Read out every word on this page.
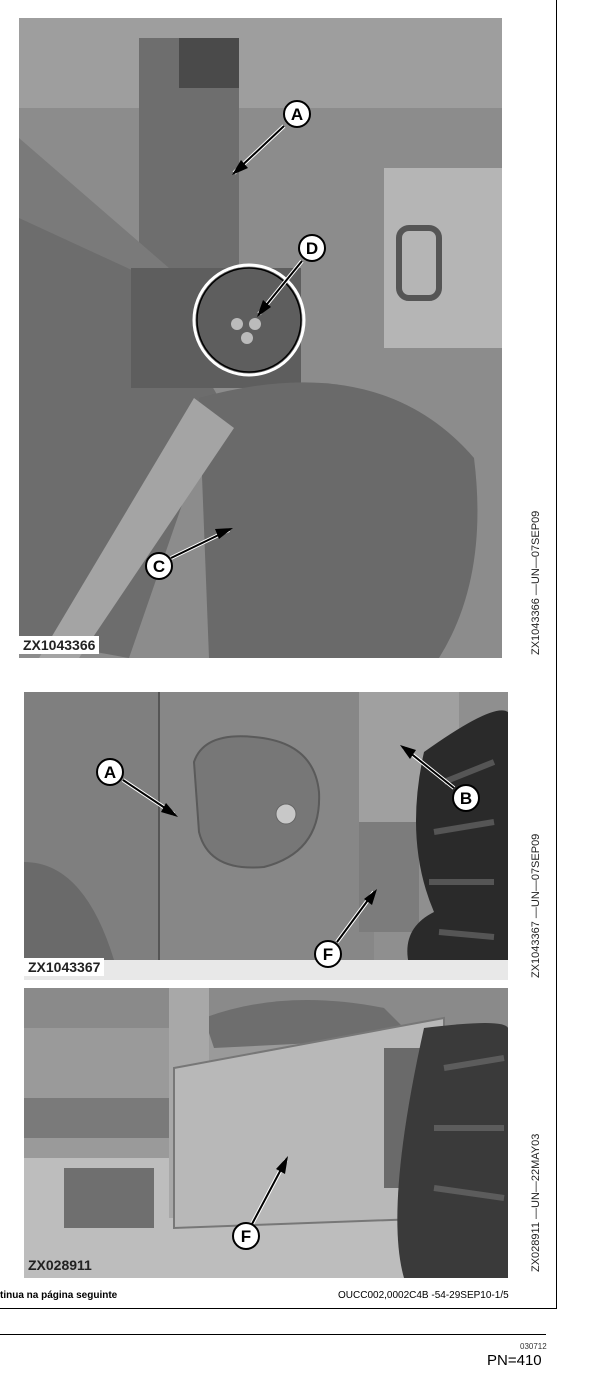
A
D
C
ZX1043366	ZX1043366 —UN—07SEP09
A
B
F
ZX1043367	ZX1043367 —UN—07SEP09
F
ZX028911	ZX028911 —UN—22MAY03
tinua na página seguinte	OUCC002,0002C4B -54-29SEP10-1/5
030712
PN=410
